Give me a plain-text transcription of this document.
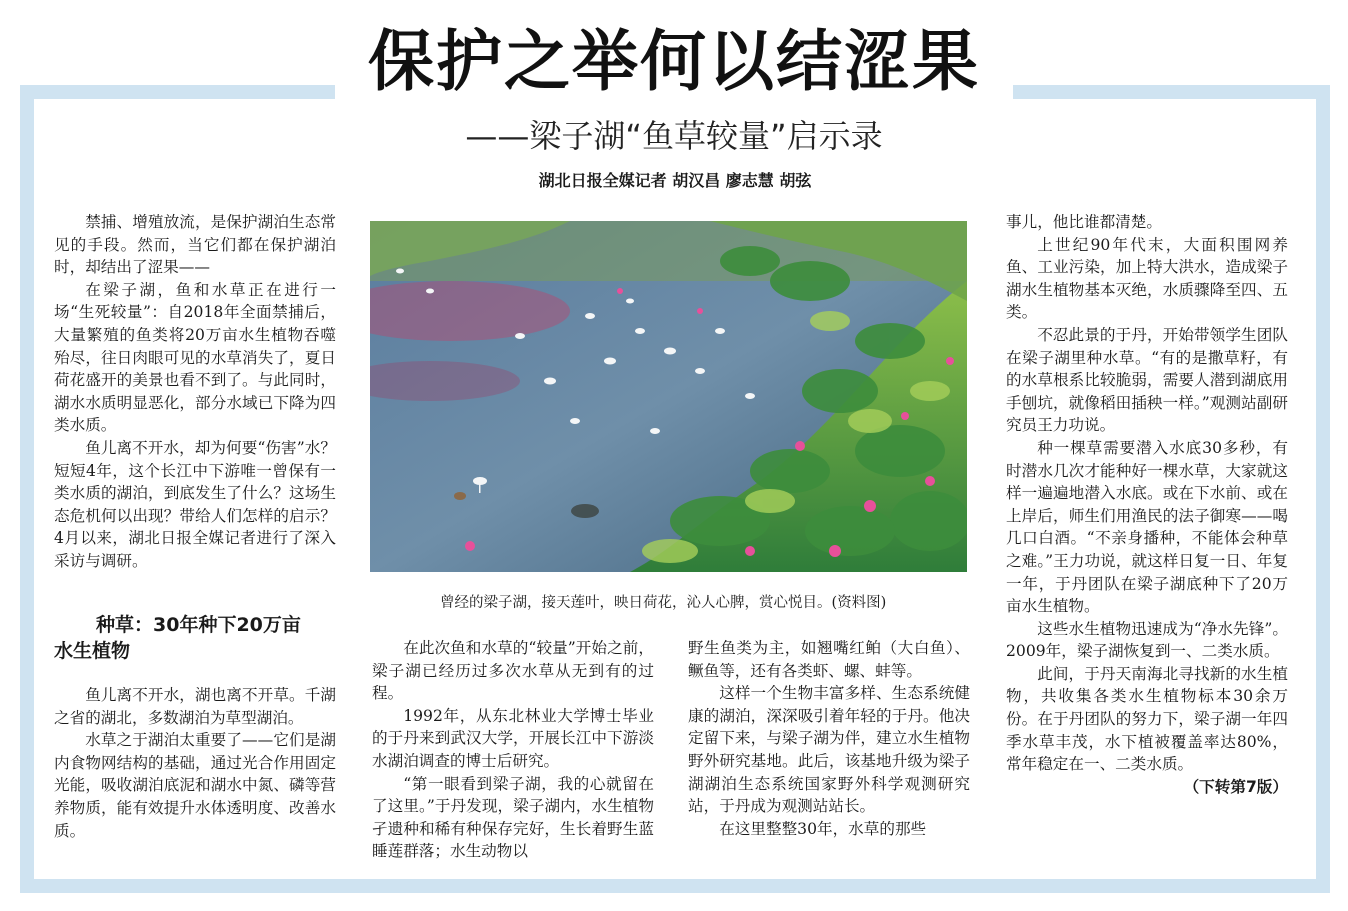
保护之举何以结涩果
——梁子湖“鱼草较量”启示录
湖北日报全媒记者 胡汉昌 廖志慧 胡弦

禁捕、增殖放流，是保护湖泊生态常见的手段。然而，当它们都在保护湖泊时，却结出了涩果——

在梁子湖，鱼和水草正在进行一场“生死较量”：自2018年全面禁捕后，大量繁殖的鱼类将20万亩水生植物吞噬殆尽，往日肉眼可见的水草消失了，夏日荷花盛开的美景也看不到了。与此同时，湖水水质明显恶化，部分水域已下降为四类水质。

鱼儿离不开水，却为何要“伤害”水？短短4年，这个长江中下游唯一曾保有一类水质的湖泊，到底发生了什么？这场生态危机何以出现？带给人们怎样的启示？4月以来，湖北日报全媒记者进行了深入采访与调研。

种草：30年种下20万亩
水生植物

鱼儿离不开水，湖也离不开草。千湖之省的湖北，多数湖泊为草型湖泊。

水草之于湖泊太重要了——它们是湖内食物网结构的基础，通过光合作用固定光能，吸收湖泊底泥和湖水中氮、磷等营养物质，能有效提升水体透明度、改善水质。

曾经的梁子湖，接天莲叶，映日荷花，沁人心脾，赏心悦目。(资料图)

在此次鱼和水草的“较量”开始之前，梁子湖已经历过多次水草从无到有的过程。

1992年，从东北林业大学博士毕业的于丹来到武汉大学，开展长江中下游淡水湖泊调查的博士后研究。

“第一眼看到梁子湖，我的心就留在了这里。”于丹发现，梁子湖内，水生植物孑遗种和稀有种保存完好，生长着野生蓝睡莲群落；水生动物以

野生鱼类为主，如翘嘴红鲌（大白鱼）、鳜鱼等，还有各类虾、螺、蚌等。

这样一个生物丰富多样、生态系统健康的湖泊，深深吸引着年轻的于丹。他决定留下来，与梁子湖为伴，建立水生植物野外研究基地。此后，该基地升级为梁子湖湖泊生态系统国家野外科学观测研究站，于丹成为观测站站长。

在这里整整30年，水草的那些

事儿，他比谁都清楚。

上世纪90年代末，大面积围网养鱼、工业污染，加上特大洪水，造成梁子湖水生植物基本灭绝，水质骤降至四、五类。

不忍此景的于丹，开始带领学生团队在梁子湖里种水草。“有的是撒草籽，有的水草根系比较脆弱，需要人潜到湖底用手刨坑，就像稻田插秧一样。”观测站副研究员王力功说。

种一棵草需要潜入水底30多秒，有时潜水几次才能种好一棵水草，大家就这样一遍遍地潜入水底。或在下水前、或在上岸后，师生们用渔民的法子御寒——喝几口白酒。“不亲身播种，不能体会种草之难。”王力功说，就这样日复一日、年复一年，于丹团队在梁子湖底种下了20万亩水生植物。

这些水生植物迅速成为“净水先锋”。2009年，梁子湖恢复到一、二类水质。

此间，于丹天南海北寻找新的水生植物，共收集各类水生植物标本30余万份。在于丹团队的努力下，梁子湖一年四季水草丰茂，水下植被覆盖率达80%，常年稳定在一、二类水质。
（下转第7版）
